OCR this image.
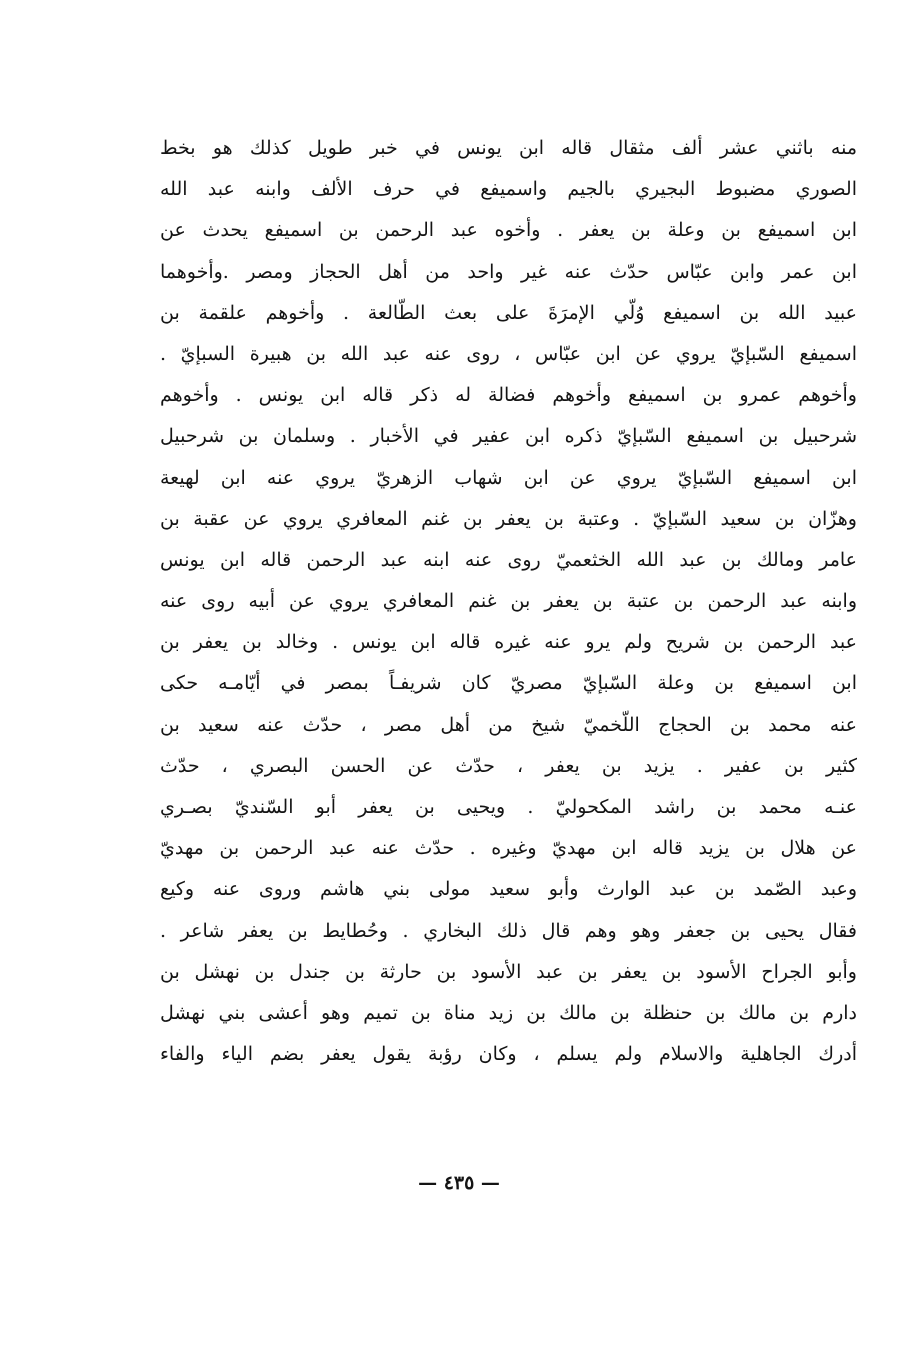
منه باثني عشر ألف مثقال قاله ابن يونس في خبر طويل كذلك هو بخط
الصوري مضبوط البجيري بالجيم واسميفع في حرف الألف وابنه عبد الله
ابن اسميفع بن وعلة بن يعفر . وأخوه عبد الرحمن بن اسميفع يحدث عن
ابن عمر وابن عبّاس حدّث عنه غير واحد من أهل الحجاز ومصر .وأخوهما
عبيد الله بن اسميفع وُلّي الإمرَةَ على بعث الطّالعة . وأخوهم علقمة بن
اسميفع السّبإيّ يروي عن ابن عبّاس ، روى عنه عبد الله بن هبيرة السبإيّ .
وأخوهم عمرو بن اسميفع وأخوهم فضالة له ذكر قاله ابن يونس . وأخوهم
شرحبيل بن اسميفع السّبإيّ ذكره ابن عفير في الأخبار . وسلمان بن شرحبيل
ابن اسميفع السّبإيّ يروي عن ابن شهاب الزهريّ يروي عنه ابن لهيعة
وهزّان بن سعيد السّبإيّ . وعتبة بن يعفر بن غنم المعافري يروي عن عقبة بن
عامر ومالك بن عبد الله الخثعميّ روى عنه ابنه عبد الرحمن قاله ابن يونس
وابنه عبد الرحمن بن عتبة بن يعفر بن غنم المعافري يروي عن أبيه روى عنه
عبد الرحمن بن شريح ولم يرو عنه غيره قاله ابن يونس . وخالد بن يعفر بن
ابن اسميفع بن وعلة السّبإيّ مصريّ كان شريفـاً بمصر في أيّامـه حكى
عنه محمد بن الحجاج اللّخميّ شيخ من أهل مصر ، حدّث عنه سعيد بن
كثير بن عفير . يزيد بن يعفر ، حدّث عن الحسن البصري ، حدّث
عنـه محمد بن راشد المكحوليّ . ويحيى بن يعفر أبو السّنديّ بصـري
عن هلال بن يزيد قاله ابن مهديّ وغيره . حدّث عنه عبد الرحمن بن مهديّ
وعبد الصّمد بن عبد الوارث وأبو سعيد مولى بني هاشم وروى عنه وكيع
فقال يحيى بن جعفر وهو وهم قال ذلك البخاري . وحُطايط بن يعفر شاعر .
وأبو الجراح الأسود بن يعفر بن عبد الأسود بن حارثة بن جندل بن نهشل بن
دارم بن مالك بن حنظلة بن مالك بن زيد مناة بن تميم وهو أعشى بني نهشل
أدرك الجاهلية والاسلام ولم يسلم ، وكان رؤبة يقول يعفر بضم الياء والفاء
— ٤٣٥ —
